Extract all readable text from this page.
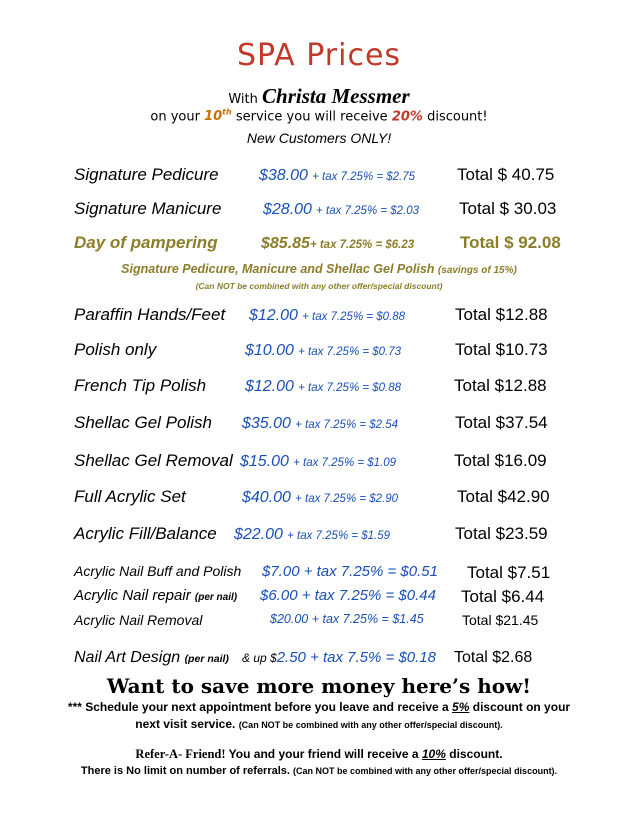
SPA Prices
With Christa Messmer
on your 10th service you will receive 20% discount!
New Customers ONLY!
Signature Pedicure	$38.00 + tax 7.25% = $2.75 Total $ 40.75
Signature Manicure	$28.00 + tax 7.25% = $2.03 Total $ 30.03
Day of pampering	$85.85+ tax 7.25% = $6.23	Total $ 92.08
Signature Pedicure, Manicure and Shellac Gel Polish (savings of 15%)
(Can NOT be combined with any other offer/special discount)
Paraffin Hands/Feet $12.00 + tax 7.25% = $0.88	Total $12.88
Polish only	$10.00 + tax 7.25% = $0.73	Total $10.73
French Tip Polish $12.00 + tax 7.25% = $0.88	Total $12.88
Shellac Gel Polish $35.00 + tax 7.25% = $2.54	Total $37.54
Shellac Gel Removal $15.00 + tax 7.25% = $1.09	Total $16.09
Full Acrylic Set	$40.00 + tax 7.25% = $2.90	Total $42.90
Acrylic Fill/Balance $22.00 + tax 7.25% = $1.59	Total $23.59
Acrylic Nail Buff and Polish $7.00 + tax 7.25% = $0.51 Total $7.51
Acrylic Nail repair (per nail) $6.00 + tax 7.25% = $0.44 Total $6.44
Acrylic Nail Removal	$20.00 + tax 7.25% = $1.45	Total $21.45
Nail Art Design (per nail) & up $2.50 + tax 7.5% = $0.18 Total $2.68
Want to save more money here’s how!
*** Schedule your next appointment before you leave and receive a 5% discount on your
next visit service. (Can NOT be combined with any other offer/special discount).
Refer-A- Friend! You and your friend will receive a 10% discount.
There is No limit on number of referrals. (Can NOT be combined with any other offer/special discount).
